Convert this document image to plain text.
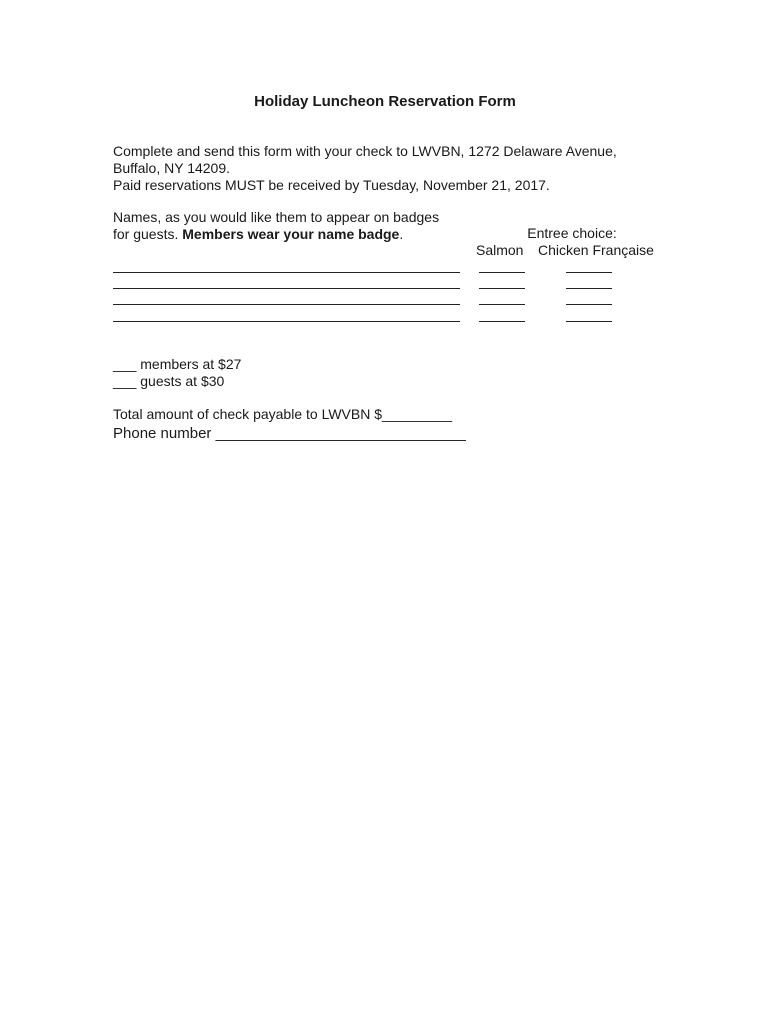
Holiday Luncheon Reservation Form
Complete and send this form with your check to LWVBN, 1272 Delaware Avenue,
Buffalo, NY 14209.
Paid reservations MUST be received by Tuesday, November 21, 2017.
Names, as you would like them to appear on badges
for guests. Members wear your name badge.	Entree choice:
Salmon Chicken Française
___ members at $27
___ guests at $30
Total amount of check payable to LWVBN $_________
Phone number ______________________________
